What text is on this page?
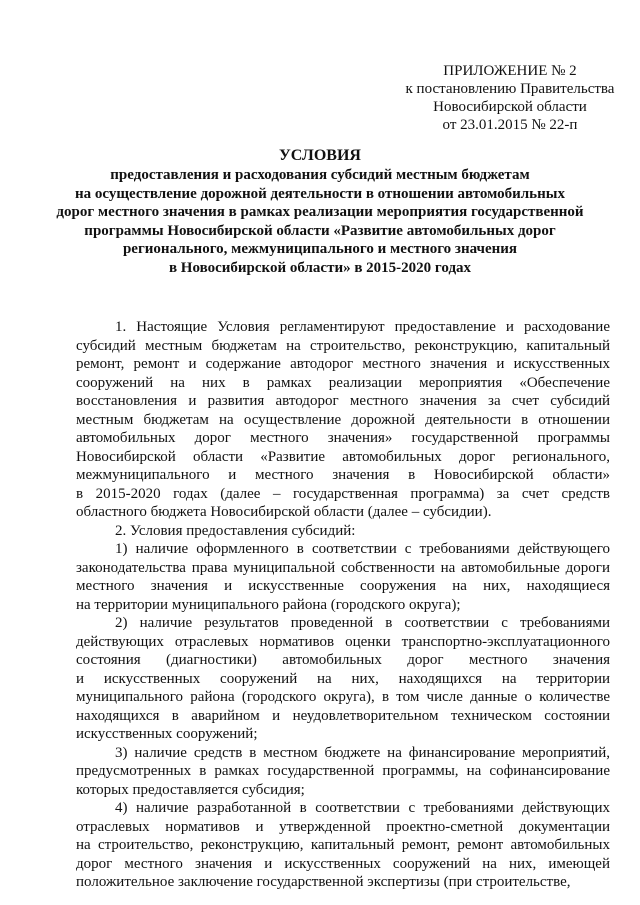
ПРИЛОЖЕНИЕ № 2
к постановлению Правительства
Новосибирской области
от 23.01.2015 № 22-п
УСЛОВИЯ
предоставления и расходования субсидий местным бюджетам
на осуществление дорожной деятельности в отношении автомобильных
дорог местного значения в рамках реализации мероприятия государственной
программы Новосибирской области «Развитие автомобильных дорог
регионального, межмуниципального и местного значения
в Новосибирской области» в 2015-2020 годах
1. Настоящие Условия регламентируют предоставление и расходование
субсидий местным бюджетам на строительство, реконструкцию, капитальный
ремонт, ремонт и содержание автодорог местного значения и искусственных
сооружений на них в рамках реализации мероприятия «Обеспечение
восстановления и развития автодорог местного значения за счет субсидий
местным бюджетам на осуществление дорожной деятельности в отношении
автомобильных дорог местного значения» государственной программы
Новосибирской области «Развитие автомобильных дорог регионального,
межмуниципального и местного значения в Новосибирской области»
в 2015-2020 годах (далее – государственная программа) за счет средств
областного бюджета Новосибирской области (далее – субсидии).
2. Условия предоставления субсидий:
1) наличие оформленного в соответствии с требованиями действующего
законодательства права муниципальной собственности на автомобильные дороги
местного значения и искусственные сооружения на них, находящиеся
на территории муниципального района (городского округа);
2) наличие результатов проведенной в соответствии с требованиями
действующих отраслевых нормативов оценки транспортно-эксплуатационного
состояния (диагностики) автомобильных дорог местного значения
и искусственных сооружений на них, находящихся на территории
муниципального района (городского округа), в том числе данные о количестве
находящихся в аварийном и неудовлетворительном техническом состоянии
искусственных сооружений;
3) наличие средств в местном бюджете на финансирование мероприятий,
предусмотренных в рамках государственной программы, на софинансирование
которых предоставляется субсидия;
4) наличие разработанной в соответствии с требованиями действующих
отраслевых нормативов и утвержденной проектно-сметной документации
на строительство, реконструкцию, капитальный ремонт, ремонт автомобильных
дорог местного значения и искусственных сооружений на них, имеющей
положительное заключение государственной экспертизы (при строительстве,
